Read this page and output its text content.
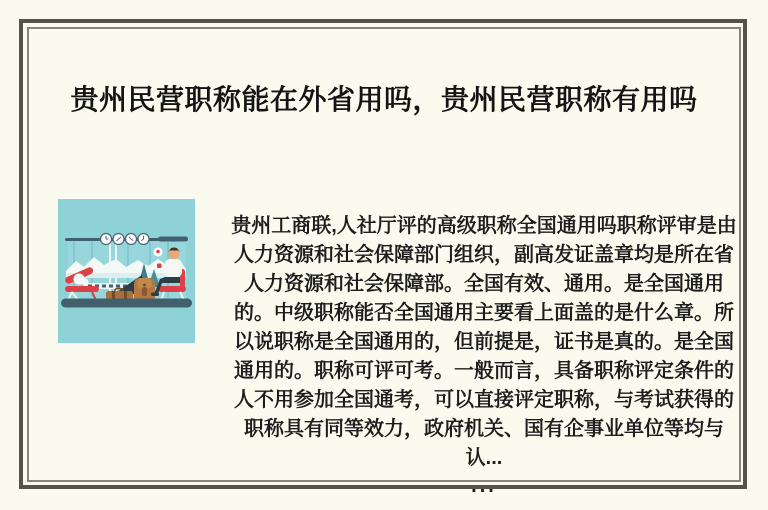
贵州民营职称能在外省用吗，贵州民营职称有用吗
贵州工商联,人社厅评的高级职称全国通用吗职称评审是由人力资源和社会保障部门组织，副高发证盖章均是所在省人力资源和社会保障部。全国有效、通用。是全国通用的。中级职称能否全国通用主要看上面盖的是什么章。所以说职称是全国通用的，但前提是，证书是真的。是全国通用的。职称可评可考。一般而言，具备职称评定条件的人不用参加全国通考，可以直接评定职称，与考试获得的职称具有同等效力，政府机关、国有企事业单位等均与认...
...
